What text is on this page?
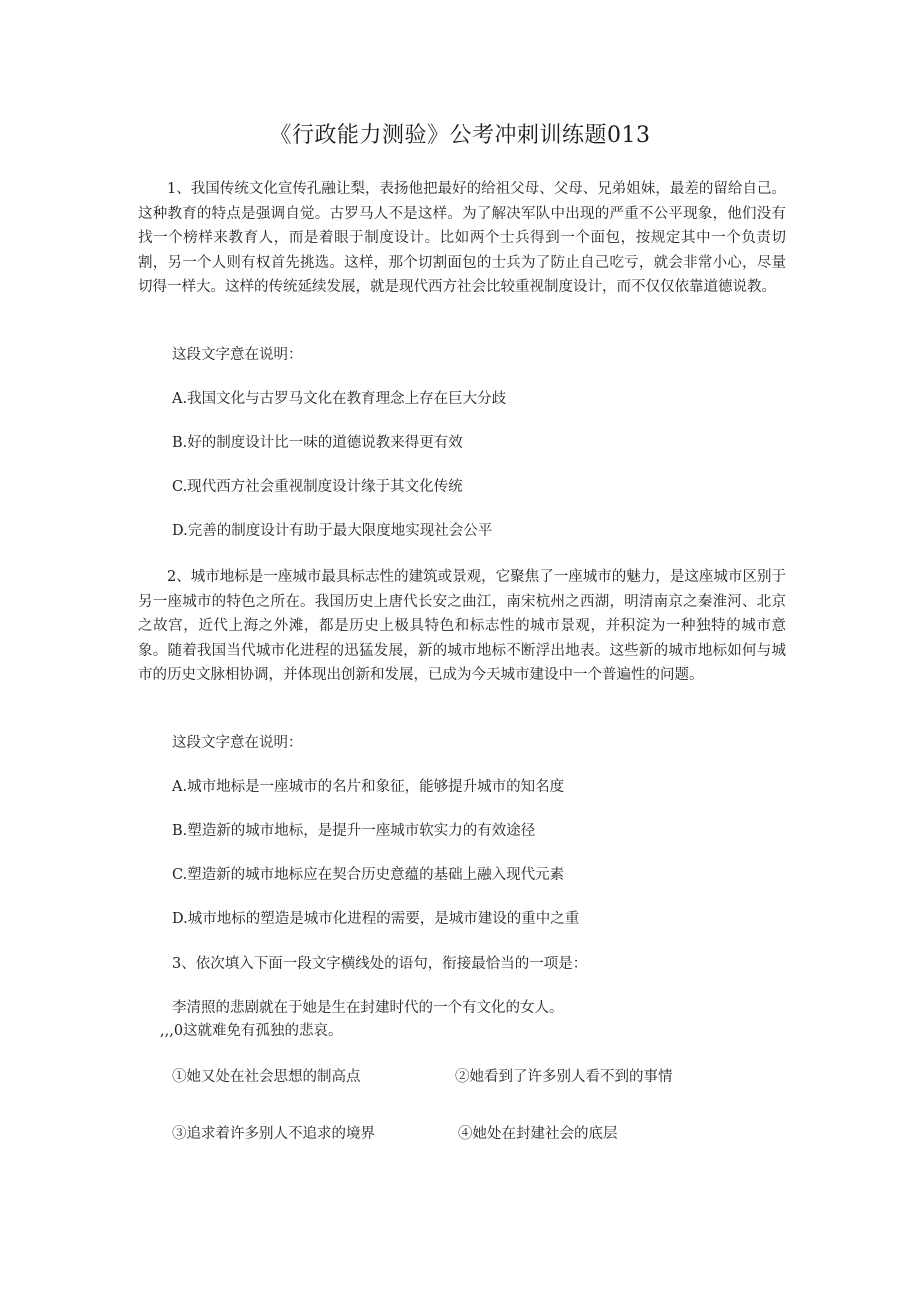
《行政能力测验》公考冲刺训练题013

1、我国传统文化宣传孔融让梨，表扬他把最好的给祖父母、父母、兄弟姐妹，最差的留给自己。这种教育的特点是强调自觉。古罗马人不是这样。为了解决军队中出现的严重不公平现象，他们没有找一个榜样来教育人，而是着眼于制度设计。比如两个士兵得到一个面包，按规定其中一个负责切割，另一个人则有权首先挑选。这样，那个切割面包的士兵为了防止自己吃亏，就会非常小心，尽量切得一样大。这样的传统延续发展，就是现代西方社会比较重视制度设计，而不仅仅依靠道德说教。

这段文字意在说明：

A.我国文化与古罗马文化在教育理念上存在巨大分歧

B.好的制度设计比一味的道德说教来得更有效

C.现代西方社会重视制度设计缘于其文化传统

D.完善的制度设计有助于最大限度地实现社会公平

2、城市地标是一座城市最具标志性的建筑或景观，它聚焦了一座城市的魅力，是这座城市区别于另一座城市的特色之所在。我国历史上唐代长安之曲江，南宋杭州之西湖，明清南京之秦淮河、北京之故宫，近代上海之外滩，都是历史上极具特色和标志性的城市景观，并积淀为一种独特的城市意象。随着我国当代城市化进程的迅猛发展，新的城市地标不断浮出地表。这些新的城市地标如何与城市的历史文脉相协调，并体现出创新和发展，已成为今天城市建设中一个普遍性的问题。

这段文字意在说明：

A.城市地标是一座城市的名片和象征，能够提升城市的知名度

B.塑造新的城市地标，是提升一座城市软实力的有效途径

C.塑造新的城市地标应在契合历史意蕴的基础上融入现代元素

D.城市地标的塑造是城市化进程的需要，是城市建设的重中之重

3、依次填入下面一段文字横线处的语句，衔接最恰当的一项是：

李清照的悲剧就在于她是生在封建时代的一个有文化的女人。

,,,0这就难免有孤独的悲哀。

①她又处在社会思想的制高点	②她看到了许多别人看不到的事情

③追求着许多别人不追求的境界	④她处在封建社会的底层
